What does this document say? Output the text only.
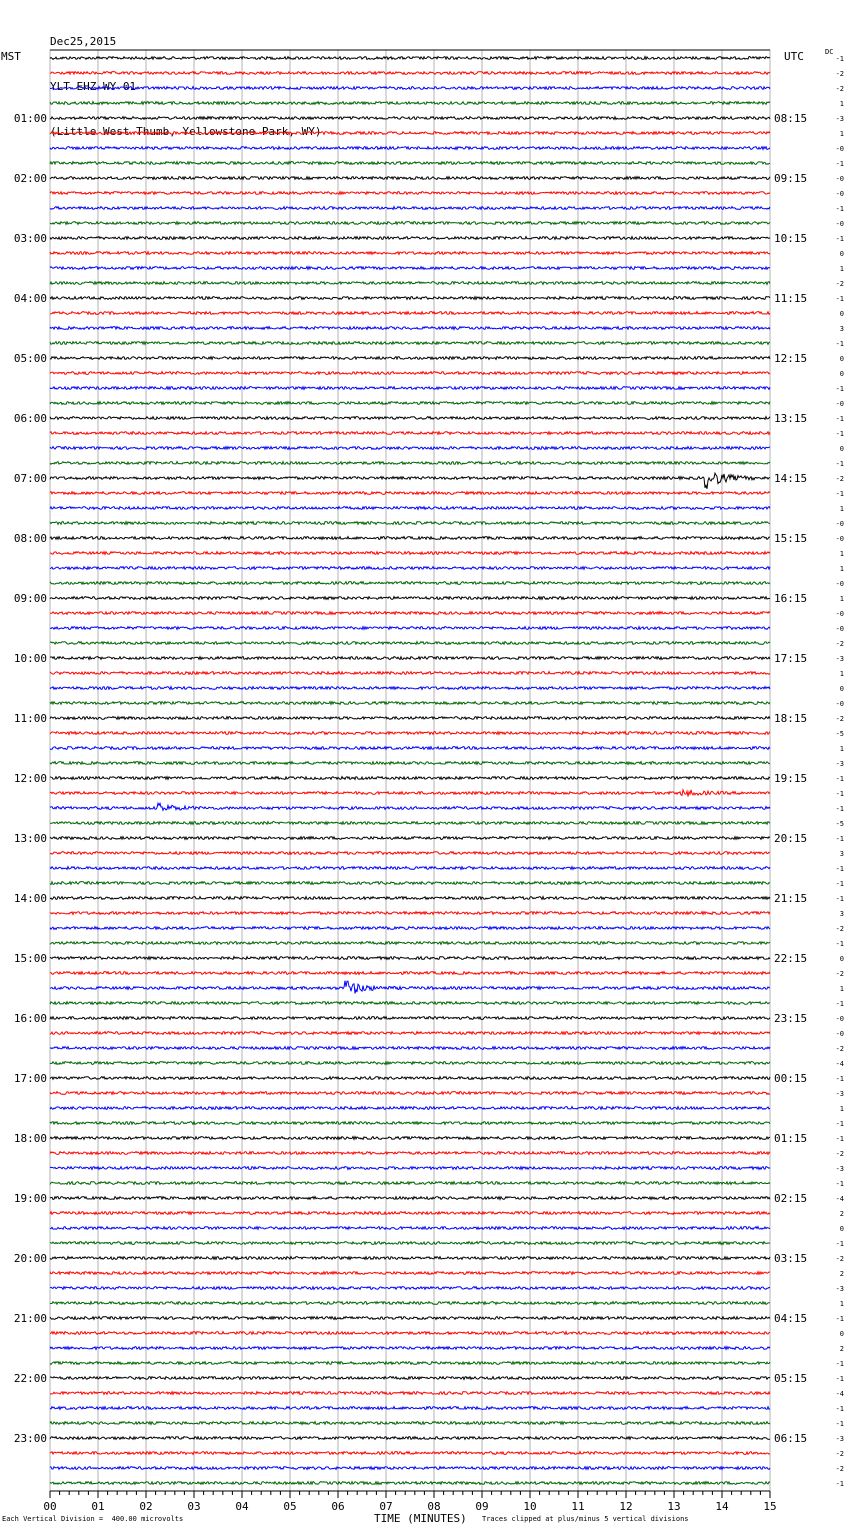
Dec25,2015

YLT EHZ WY 01

(Little West Thumb, Yellowstone Park, WY)

MST	UTC	DC
00	01	02	03	04	05	06	07	08	09	10	11	12	13	14	15
-1
-2
-2
1
-3
1
-0
-1
-0
-0
-1
-0
-1
0
1
-2
-1
0
3
-1
0
0
-1
-0
-1
-1
0
-1
-2
-1
1
-0
-0
1
1
-0
1
-0
-0
-2
-3
1
0
-0
-2
-5
1
-3
-1
-1
-1
-5
-1
3
-1
-1
-1
3
-2
-1
0
-2
1
-1
-0
-0
-2
-4
-1
-3
1
-1
-1
-2
-3
-1
-4
2
0
-1
-2
2
-3
1
-1
0
2
-1
-1
-4
-1
-1
-3
-2
-2
-1
01:00
02:00
03:00
04:00
05:00
06:00
07:00
08:00
09:00
10:00
11:00
12:00
13:00
14:00
15:00
16:00
17:00
18:00
19:00
20:00
21:00
22:00
23:00
08:15
09:15
10:15
11:15
12:15
13:15
14:15
15:15
16:15
17:15
18:15
19:15
20:15
21:15
22:15
23:15
00:15
01:15
02:15
03:15
04:15
05:15
06:15
Each Vertical Division =  400.00 microvolts	TIME (MINUTES) Traces clipped at plus/minus 5 vertical divisions
